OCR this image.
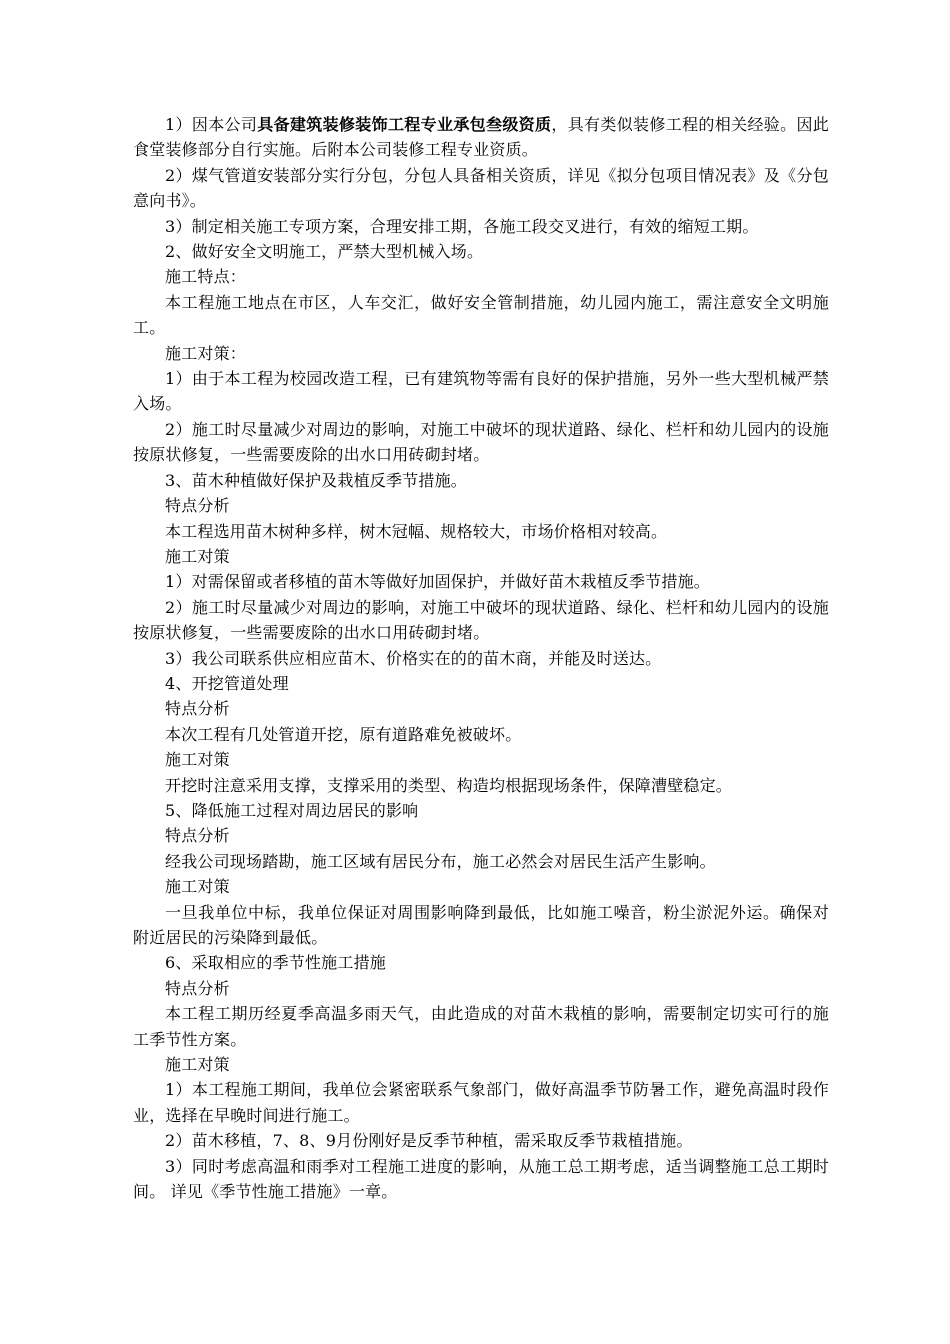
1）因本公司具备建筑装修装饰工程专业承包叁级资质，具有类似装修工程的相关经验。因此食堂装修部分自行实施。后附本公司装修工程专业资质。

2）煤气管道安装部分实行分包，分包人具备相关资质，详见《拟分包项目情况表》及《分包意向书》。

3）制定相关施工专项方案，合理安排工期，各施工段交叉进行，有效的缩短工期。

2、做好安全文明施工，严禁大型机械入场。

施工特点：

本工程施工地点在市区，人车交汇，做好安全管制措施，幼儿园内施工，需注意安全文明施工。

施工对策：

1）由于本工程为校园改造工程，已有建筑物等需有良好的保护措施，另外一些大型机械严禁入场。

2）施工时尽量减少对周边的影响，对施工中破坏的现状道路、绿化、栏杆和幼儿园内的设施按原状修复，一些需要废除的出水口用砖砌封堵。

3、苗木种植做好保护及栽植反季节措施。

特点分析

本工程选用苗木树种多样，树木冠幅、规格较大，市场价格相对较高。

施工对策

1）对需保留或者移植的苗木等做好加固保护，并做好苗木栽植反季节措施。

2）施工时尽量减少对周边的影响，对施工中破坏的现状道路、绿化、栏杆和幼儿园内的设施按原状修复，一些需要废除的出水口用砖砌封堵。

3）我公司联系供应相应苗木、价格实在的的苗木商，并能及时送达。

4、开挖管道处理

特点分析

本次工程有几处管道开挖，原有道路难免被破坏。

施工对策

开挖时注意采用支撑，支撑采用的类型、构造均根据现场条件，保障漕壁稳定。

5、降低施工过程对周边居民的影响

特点分析

经我公司现场踏勘，施工区域有居民分布，施工必然会对居民生活产生影响。

施工对策

一旦我单位中标，我单位保证对周围影响降到最低，比如施工噪音，粉尘淤泥外运。确保对附近居民的污染降到最低。

6、采取相应的季节性施工措施

特点分析

本工程工期历经夏季高温多雨天气，由此造成的对苗木栽植的影响，需要制定切实可行的施工季节性方案。

施工对策

1）本工程施工期间，我单位会紧密联系气象部门，做好高温季节防暑工作，避免高温时段作业，选择在早晚时间进行施工。

2）苗木移植，7、8、9月份刚好是反季节种植，需采取反季节栽植措施。

3）同时考虑高温和雨季对工程施工进度的影响，从施工总工期考虑，适当调整施工总工期时间。 详见《季节性施工措施》一章。
